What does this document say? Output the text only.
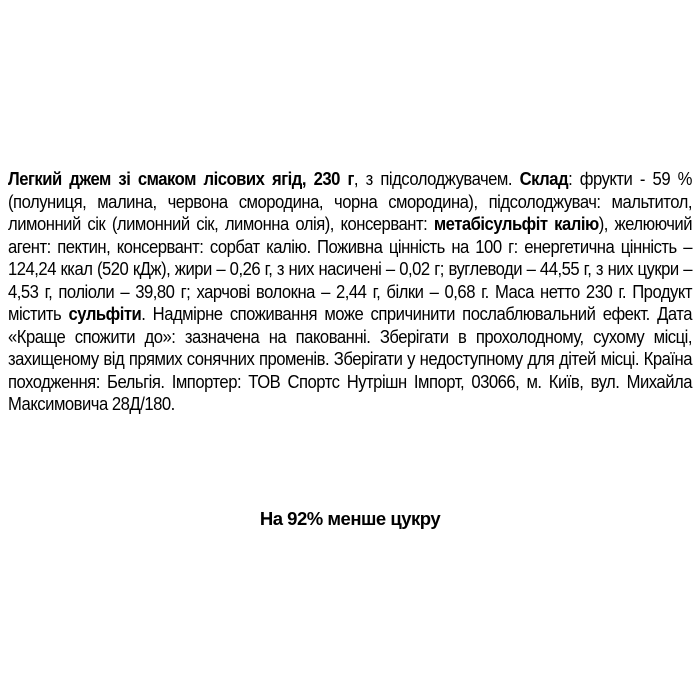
Легкий джем зі смаком лісових ягід, 230 г, з підсолоджувачем. Склад: фрукти - 59 % (полуниця, малина, червона смородина, чорна смородина), підсолоджувач: мальтитол, лимонний сік (лимонний сік, лимонна олія), консервант: метабісульфіт калію), желюючий агент: пектин, консервант: сорбат калію. Поживна цінність на 100 г: енергетична цінність – 124,24 ккал (520 кДж), жири – 0,26 г, з них насичені – 0,02 г; вуглеводи – 44,55 г, з них цукри – 4,53 г, поліоли – 39,80 г; харчові волокна – 2,44 г, білки – 0,68 г. Маса нетто 230 г. Продукт містить сульфіти. Надмірне споживання може спричинити послаблювальний ефект. Дата «Краще спожити до»: зазначена на пакованні. Зберігати в прохолодному, сухому місці, захищеному від прямих сонячних променів. Зберігати у недоступному для дітей місці. Країна походження: Бельгія. Імпортер: ТОВ Спортс Нутрішн Імпорт, 03066, м. Київ, вул. Михайла Максимовича 28Д/180.

На 92% менше цукру
